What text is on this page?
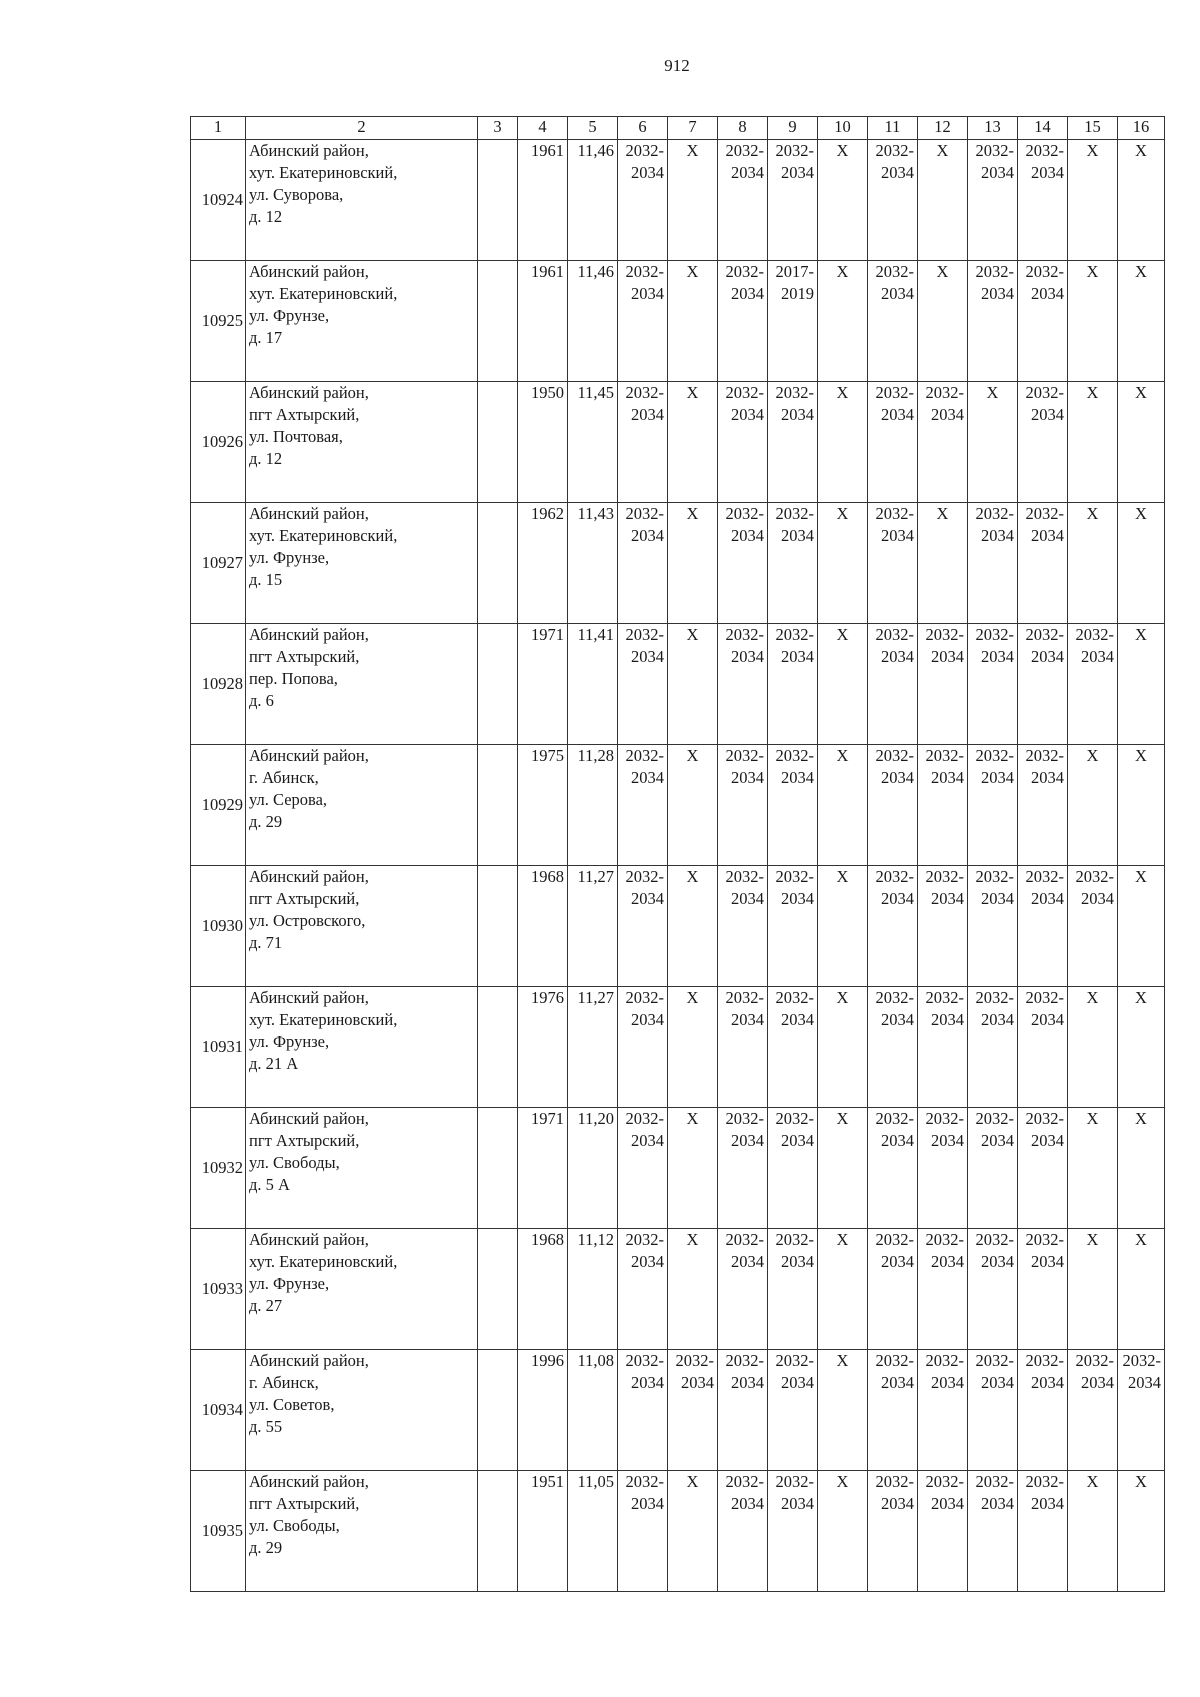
912
1	2	3	4	5	6	7	8	9	10	11	12	13	14	15	16
10924	Абинский район,
хут. Екатериновский,
ул. Суворова,
д. 12		1961	11,46	2032-
2034	Х	2032-
2034	2032-
2034	Х	2032-
2034	Х	2032-
2034	2032-
2034	Х	Х
10925	Абинский район,
хут. Екатериновский,
ул. Фрунзе,
д. 17		1961	11,46	2032-
2034	Х	2032-
2034	2017-
2019	Х	2032-
2034	Х	2032-
2034	2032-
2034	Х	Х
10926	Абинский район,
пгт Ахтырский,
ул. Почтовая,
д. 12		1950	11,45	2032-
2034	Х	2032-
2034	2032-
2034	Х	2032-
2034	2032-
2034	Х	2032-
2034	Х	Х
10927	Абинский район,
хут. Екатериновский,
ул. Фрунзе,
д. 15		1962	11,43	2032-
2034	Х	2032-
2034	2032-
2034	Х	2032-
2034	Х	2032-
2034	2032-
2034	Х	Х
10928	Абинский район,
пгт Ахтырский,
пер. Попова,
д. 6		1971	11,41	2032-
2034	Х	2032-
2034	2032-
2034	Х	2032-
2034	2032-
2034	2032-
2034	2032-
2034	2032-
2034	Х
10929	Абинский район,
г. Абинск,
ул. Серова,
д. 29		1975	11,28	2032-
2034	Х	2032-
2034	2032-
2034	Х	2032-
2034	2032-
2034	2032-
2034	2032-
2034	Х	Х
10930	Абинский район,
пгт Ахтырский,
ул. Островского,
д. 71		1968	11,27	2032-
2034	Х	2032-
2034	2032-
2034	Х	2032-
2034	2032-
2034	2032-
2034	2032-
2034	2032-
2034	Х
10931	Абинский район,
хут. Екатериновский,
ул. Фрунзе,
д. 21 А		1976	11,27	2032-
2034	Х	2032-
2034	2032-
2034	Х	2032-
2034	2032-
2034	2032-
2034	2032-
2034	Х	Х
10932	Абинский район,
пгт Ахтырский,
ул. Свободы,
д. 5 А		1971	11,20	2032-
2034	Х	2032-
2034	2032-
2034	Х	2032-
2034	2032-
2034	2032-
2034	2032-
2034	Х	Х
10933	Абинский район,
хут. Екатериновский,
ул. Фрунзе,
д. 27		1968	11,12	2032-
2034	Х	2032-
2034	2032-
2034	Х	2032-
2034	2032-
2034	2032-
2034	2032-
2034	Х	Х
10934	Абинский район,
г. Абинск,
ул. Советов,
д. 55		1996	11,08	2032-
2034	2032-
2034	2032-
2034	2032-
2034	Х	2032-
2034	2032-
2034	2032-
2034	2032-
2034	2032-
2034	2032-
2034

10935	Абинский район,
пгт Ахтырский,
ул. Свободы,
д. 29		1951	11,05	2032-
2034	Х	2032-
2034	2032-
2034	Х	2032-
2034	2032-
2034	2032-
2034	2032-
2034	Х	Х
